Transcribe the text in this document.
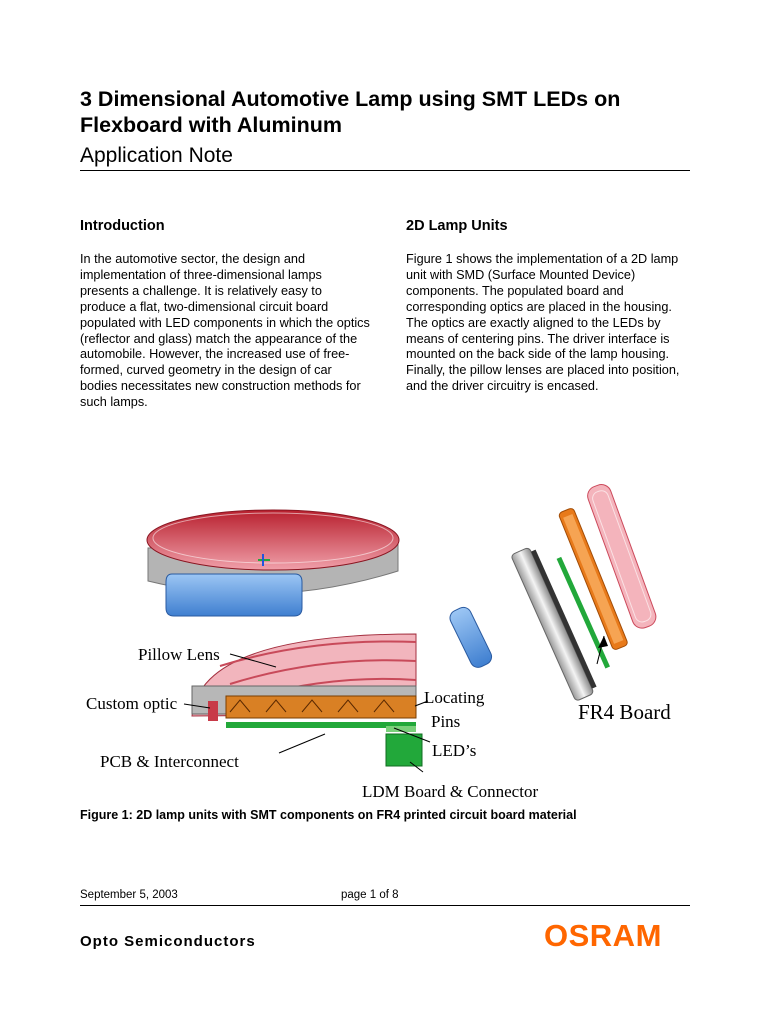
3 Dimensional Automotive Lamp using SMT LEDs on Flexboard with Aluminum
Application Note
Introduction

In the automotive sector, the design and implementation of three-dimensional lamps presents a challenge. It is relatively easy to produce a flat, two-dimensional circuit board populated with LED components in which the optics (reflector and glass) match the appearance of the automobile. However, the increased use of free-formed, curved geometry in the design of car bodies necessitates new construction methods for such lamps.

2D Lamp Units

Figure 1 shows the implementation of a 2D lamp unit with SMD (Surface Mounted Device) components. The populated board and corresponding optics are placed in the housing. The optics are exactly aligned to the LEDs by means of centering pins. The driver interface is mounted on the back side of the lamp housing. Finally, the pillow lenses are placed into position, and the driver circuitry is encased.

Pillow Lens
Custom optic	Locating
Pins
PCB & Interconnect
LED’s
LDM Board & Connector
FR4 Board

Figure 1: 2D lamp units with SMT components on FR4 printed circuit board material

September 5, 2003	page 1 of 8
Opto Semiconductors	OSRAM
